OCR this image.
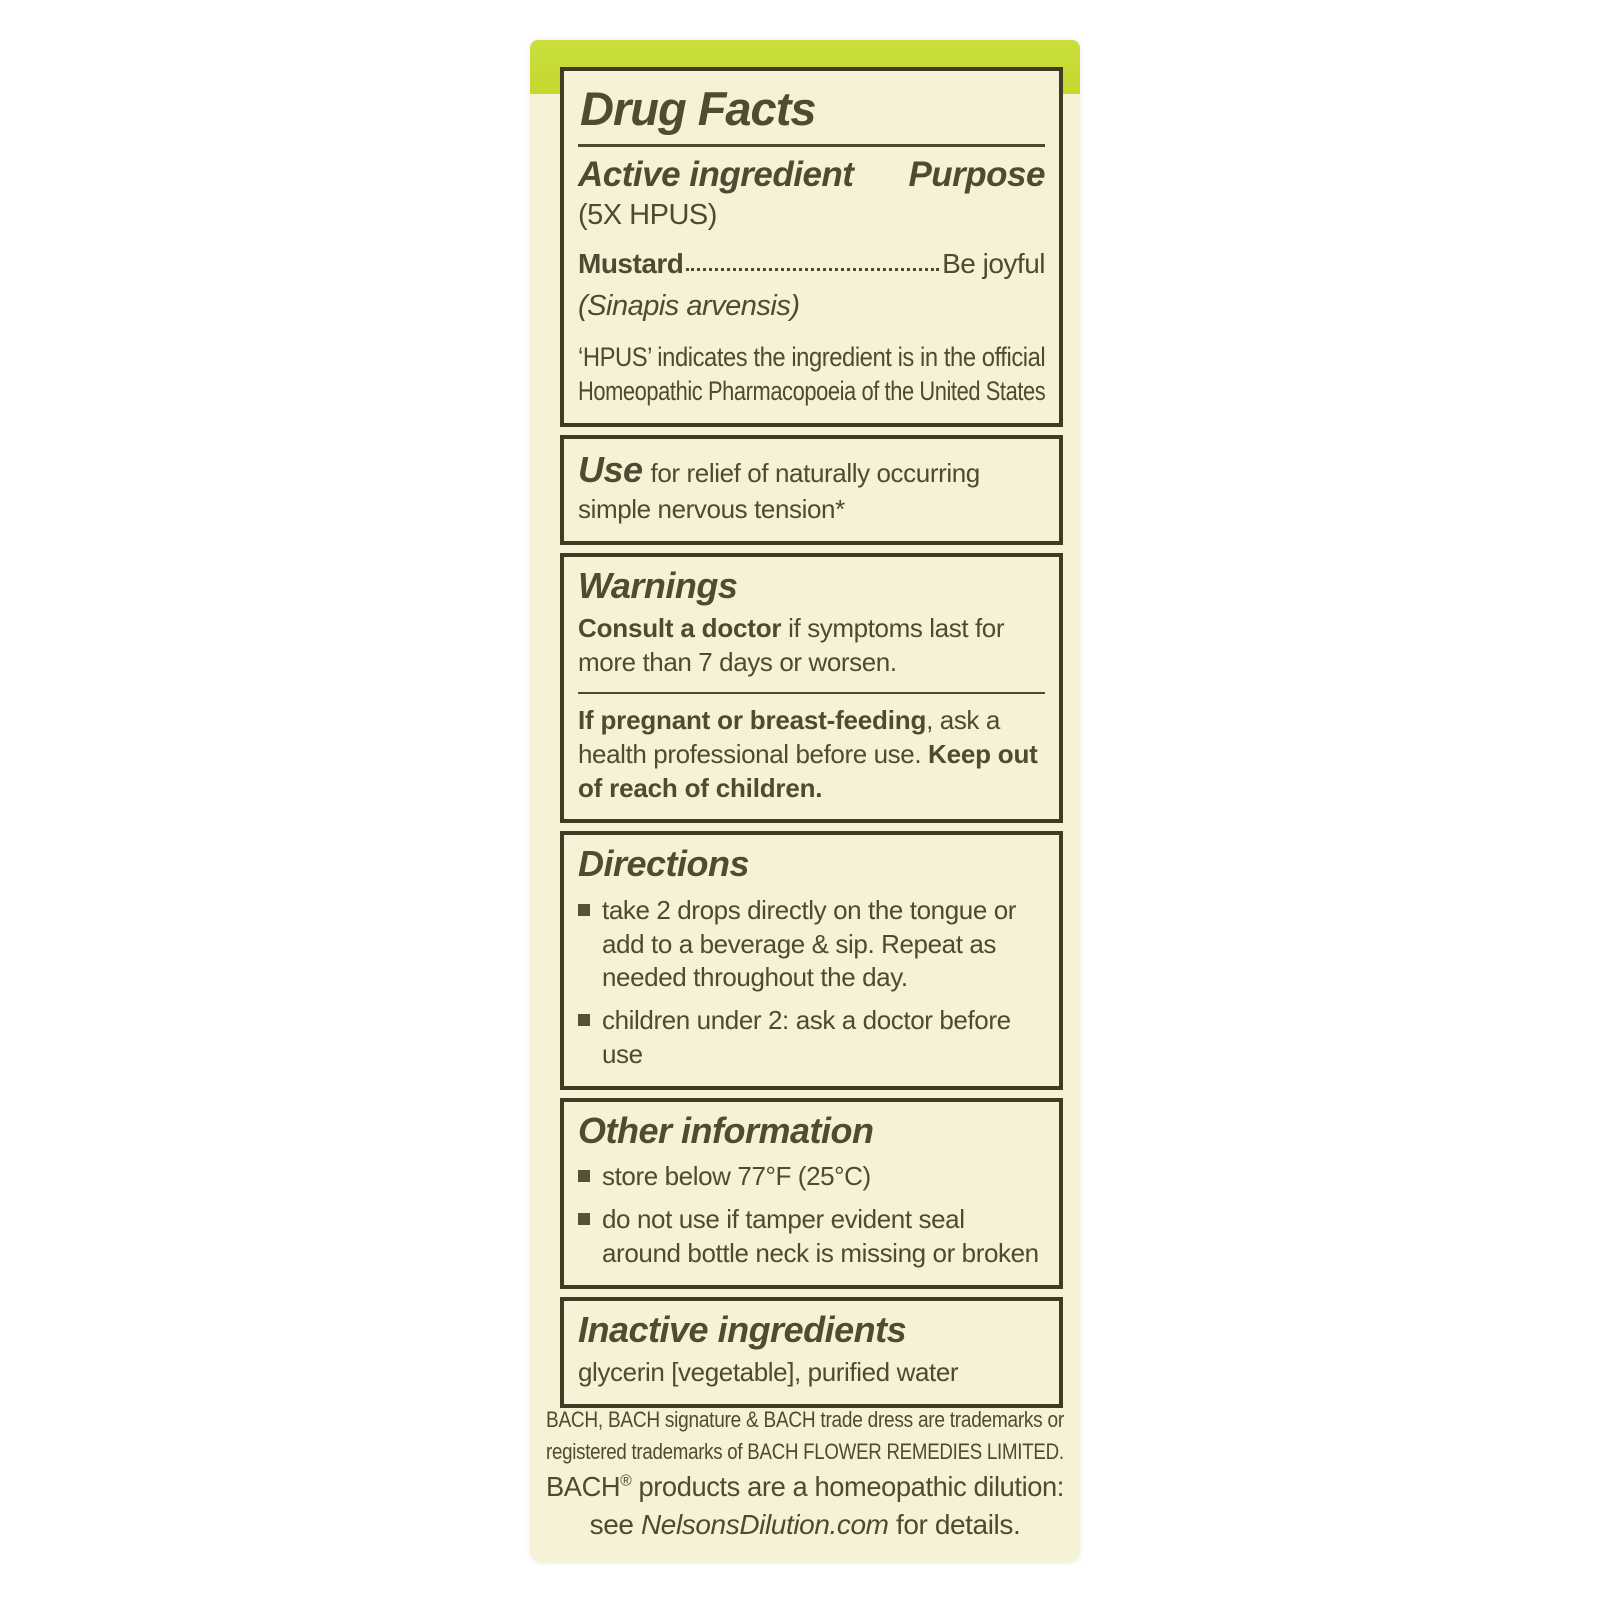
Drug Facts
Active ingredient Purpose
(5X HPUS)
Mustard	Be joyful
(Sinapis arvensis)
‘HPUS’ indicates the ingredient is in the official
Homeopathic Pharmacopoeia of the United States
Use for relief of naturally occurring simple nervous tension*
Warnings
Consult a doctor if symptoms last for more than 7 days or worsen.
If pregnant or breast-feeding, ask a health professional before use. Keep out of reach of children.
Directions
take 2 drops directly on the tongue or add to a beverage & sip. Repeat as needed throughout the day.
children under 2: ask a doctor before use
Other information
store below 77°F (25°C)
do not use if tamper evident seal around bottle neck is missing or broken
Inactive ingredients
glycerin [vegetable], purified water
BACH, BACH signature & BACH trade dress are trademarks or
registered trademarks of BACH FLOWER REMEDIES LIMITED.
BACH® products are a homeopathic dilution:
see NelsonsDilution.com for details.
